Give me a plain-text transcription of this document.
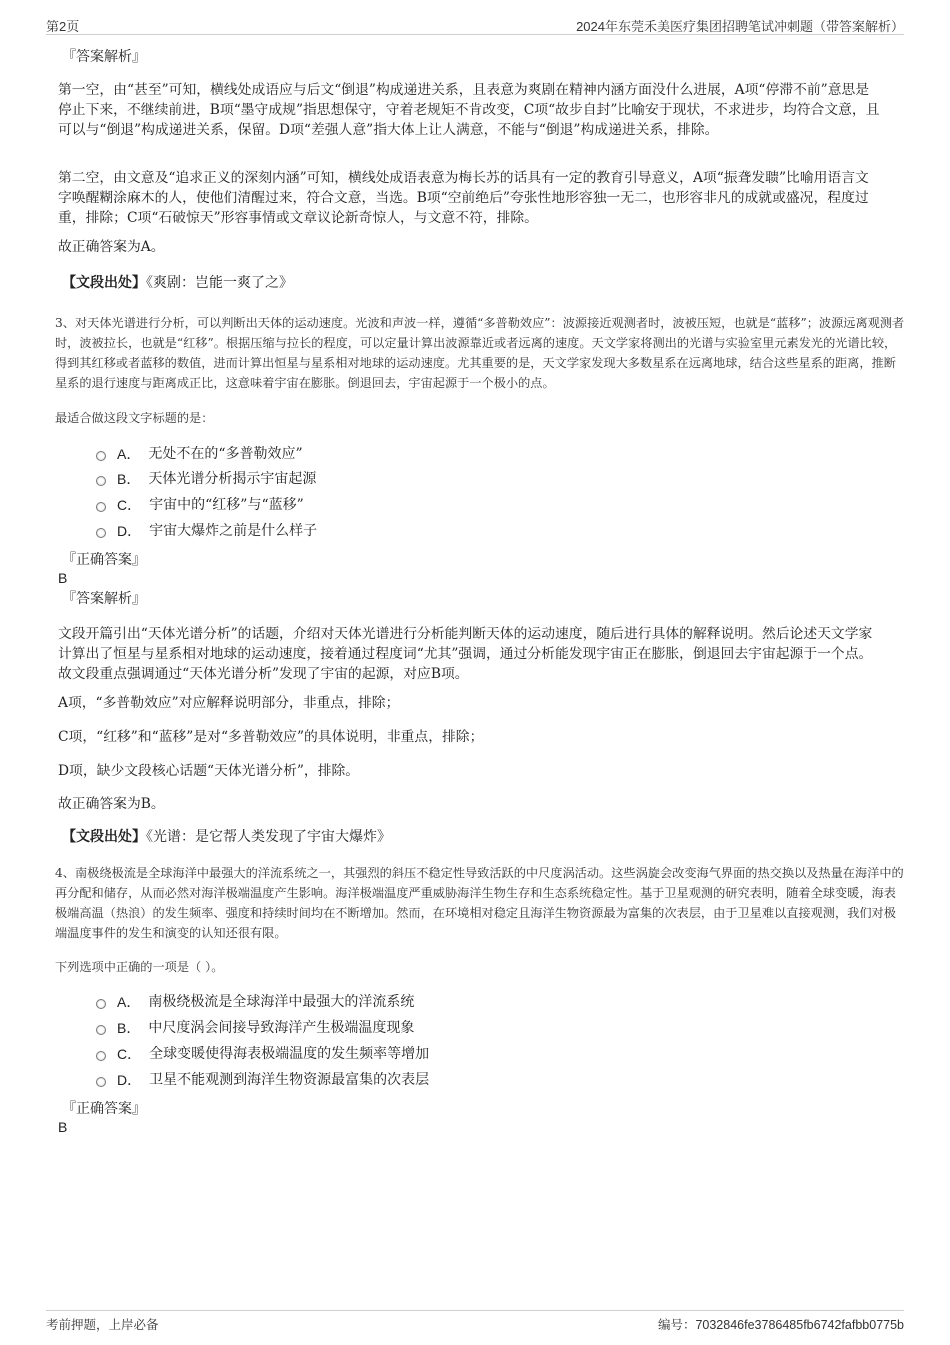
第2页	2024年东莞禾美医疗集团招聘笔试冲刺题（带答案解析）
『答案解析』
第一空，由“甚至”可知，横线处成语应与后文“倒退”构成递进关系，且表意为爽剧在精神内涵方面没什么进展，A项“停滞不前”意思是停止下来，不继续前进，B项“墨守成规”指思想保守，守着老规矩不肯改变，C项“故步自封”比喻安于现状，不求进步，均符合文意，且可以与“倒退”构成递进关系，保留。D项“差强人意”指大体上让人满意，不能与“倒退”构成递进关系，排除。
第二空，由文意及“追求正义的深刻内涵”可知，横线处成语表意为梅长苏的话具有一定的教育引导意义，A项“振聋发聩”比喻用语言文字唤醒糊涂麻木的人，使他们清醒过来，符合文意，当选。B项“空前绝后”夸张性地形容独一无二，也形容非凡的成就或盛况，程度过重，排除；C项“石破惊天”形容事情或文章议论新奇惊人，与文意不符，排除。
故正确答案为A。
【文段出处】《爽剧：岂能一爽了之》
3、对天体光谱进行分析，可以判断出天体的运动速度。光波和声波一样，遵循“多普勒效应”：波源接近观测者时，波被压短，也就是“蓝移”；波源远离观测者时，波被拉长，也就是“红移”。根据压缩与拉长的程度，可以定量计算出波源靠近或者远离的速度。天文学家将测出的光谱与实验室里元素发光的光谱比较，得到其红移或者蓝移的数值，进而计算出恒星与星系相对地球的运动速度。尤其重要的是，天文学家发现大多数星系在远离地球，结合这些星系的距离，推断星系的退行速度与距离成正比，这意味着宇宙在膨胀。倒退回去，宇宙起源于一个极小的点。
最适合做这段文字标题的是：
A． 无处不在的“多普勒效应”
B． 天体光谱分析揭示宇宙起源
C． 宇宙中的“红移”与“蓝移”
D． 宇宙大爆炸之前是什么样子
『正确答案』
B
『答案解析』
文段开篇引出“天体光谱分析”的话题，介绍对天体光谱进行分析能判断天体的运动速度，随后进行具体的解释说明。然后论述天文学家计算出了恒星与星系相对地球的运动速度，接着通过程度词“尤其”强调，通过分析能发现宇宙正在膨胀，倒退回去宇宙起源于一个点。故文段重点强调通过“天体光谱分析”发现了宇宙的起源，对应B项。
A项，“多普勒效应”对应解释说明部分，非重点，排除；
C项，“红移”和“蓝移”是对“多普勒效应”的具体说明，非重点，排除；
D项，缺少文段核心话题“天体光谱分析”，排除。
故正确答案为B。
【文段出处】《光谱：是它帮人类发现了宇宙大爆炸》
4、南极绕极流是全球海洋中最强大的洋流系统之一，其强烈的斜压不稳定性导致活跃的中尺度涡活动。这些涡旋会改变海气界面的热交换以及热量在海洋中的再分配和储存，从而必然对海洋极端温度产生影响。海洋极端温度严重威胁海洋生物生存和生态系统稳定性。基于卫星观测的研究表明，随着全球变暖，海表极端高温（热浪）的发生频率、强度和持续时间均在不断增加。然而，在环境相对稳定且海洋生物资源最为富集的次表层，由于卫星难以直接观测，我们对极端温度事件的发生和演变的认知还很有限。
下列选项中正确的一项是（ ）。
A． 南极绕极流是全球海洋中最强大的洋流系统
B． 中尺度涡会间接导致海洋产生极端温度现象
C． 全球变暖使得海表极端温度的发生频率等增加
D． 卫星不能观测到海洋生物资源最富集的次表层
『正确答案』
B
考前押题，上岸必备	编号：7032846fe3786485fb6742fafbb0775b
